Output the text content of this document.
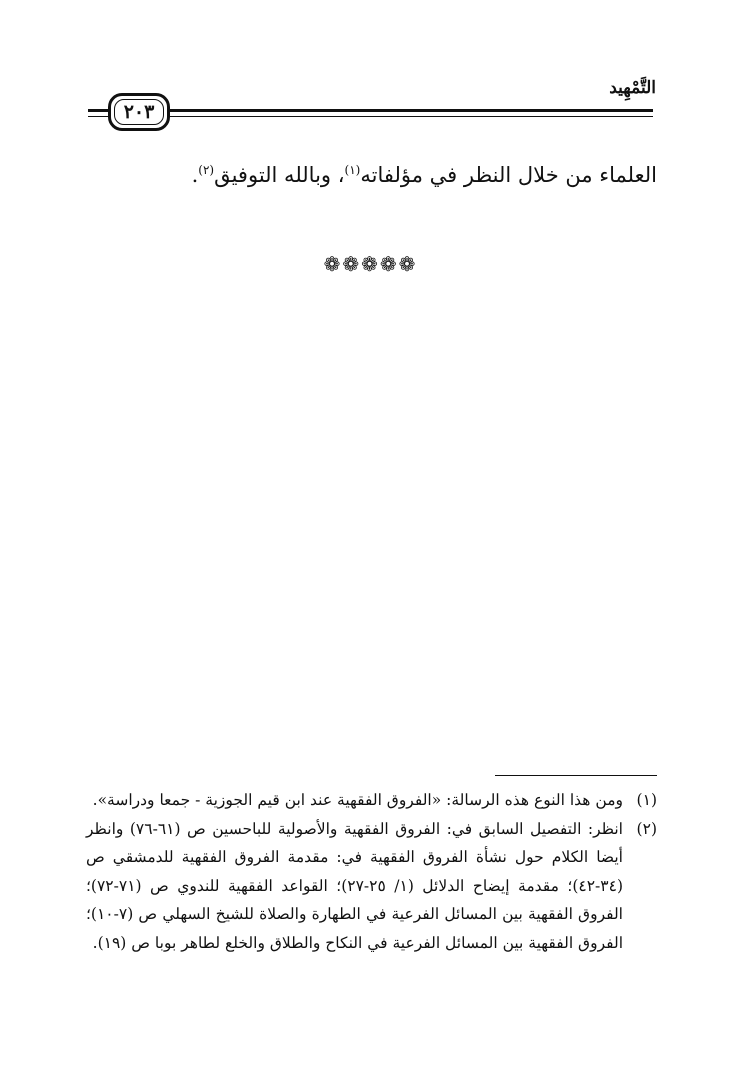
التَّمْهِيد
٢٠٣
العلماء من خلال النظر في مؤلفاته$^{(١)}$، وبالله التوفيق$^{(٢)}$.
❁❁❁❁❁
(١)
ومن هذا النوع هذه الرسالة: «الفروق الفقهية عند ابن قيم الجوزية - جمعا ودراسة».
(٢)
انظر: التفصيل السابق في: الفروق الفقهية والأصولية للباحسين ص (٦١-٧٦) وانظر أيضا الكلام حول نشأة الفروق الفقهية في: مقدمة الفروق الفقهية للدمشقي ص (٣٤-٤٢)؛ مقدمة إيضاح الدلائل (١/ ٢٥-٢٧)؛ القواعد الفقهية للندوي ص (٧١-٧٢)؛ الفروق الفقهية بين المسائل الفرعية في الطهارة والصلاة للشيخ السهلي ص (٧-١٠)؛ الفروق الفقهية بين المسائل الفرعية في النكاح والطلاق والخلع لطاهر بوبا ص (١٩).
